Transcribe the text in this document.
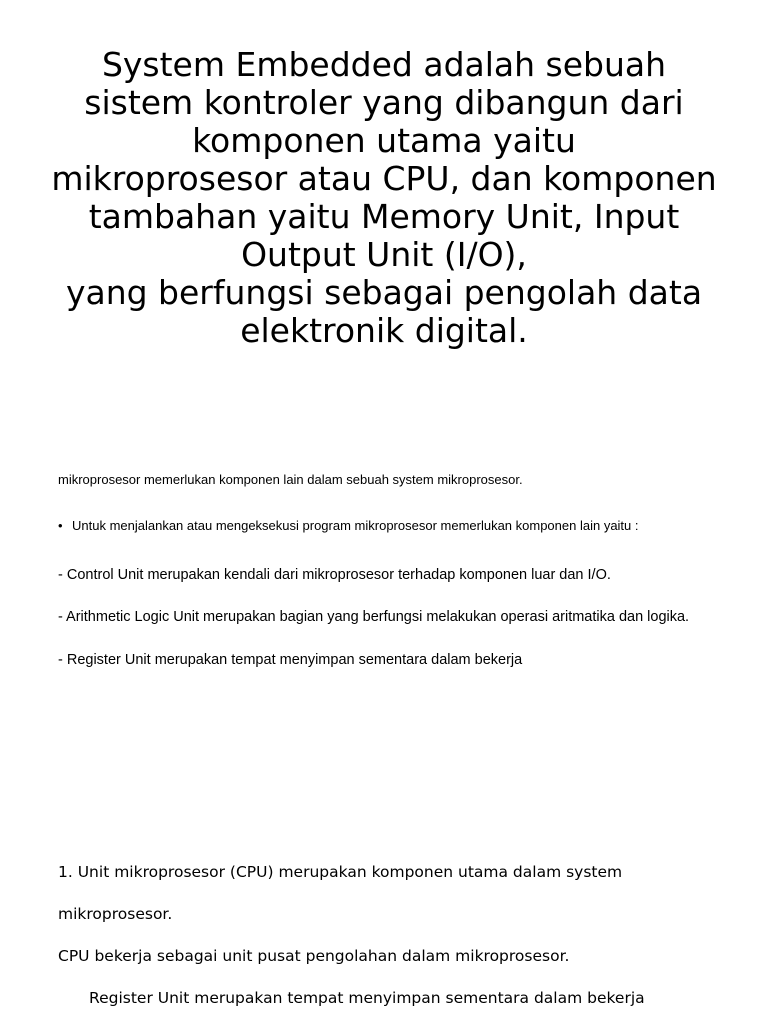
System Embedded adalah sebuah
sistem kontroler yang dibangun dari
komponen utama yaitu
mikroprosesor atau CPU, dan komponen
tambahan yaitu Memory Unit, Input
Output Unit (I/O),
yang berfungsi sebagai pengolah data
elektronik digital.
mikroprosesor memerlukan komponen lain dalam sebuah system mikroprosesor.
• Untuk menjalankan atau mengeksekusi program mikroprosesor memerlukan komponen lain yaitu :
- Control Unit merupakan kendali dari mikroprosesor terhadap komponen luar dan I/O.
- Arithmetic Logic Unit merupakan bagian yang berfungsi melakukan operasi aritmatika dan logika.
- Register Unit merupakan tempat menyimpan sementara dalam bekerja
1. Unit mikroprosesor (CPU) merupakan komponen utama dalam system
mikroprosesor.
CPU bekerja sebagai unit pusat pengolahan dalam mikroprosesor.
Register Unit merupakan tempat menyimpan sementara dalam bekerja
